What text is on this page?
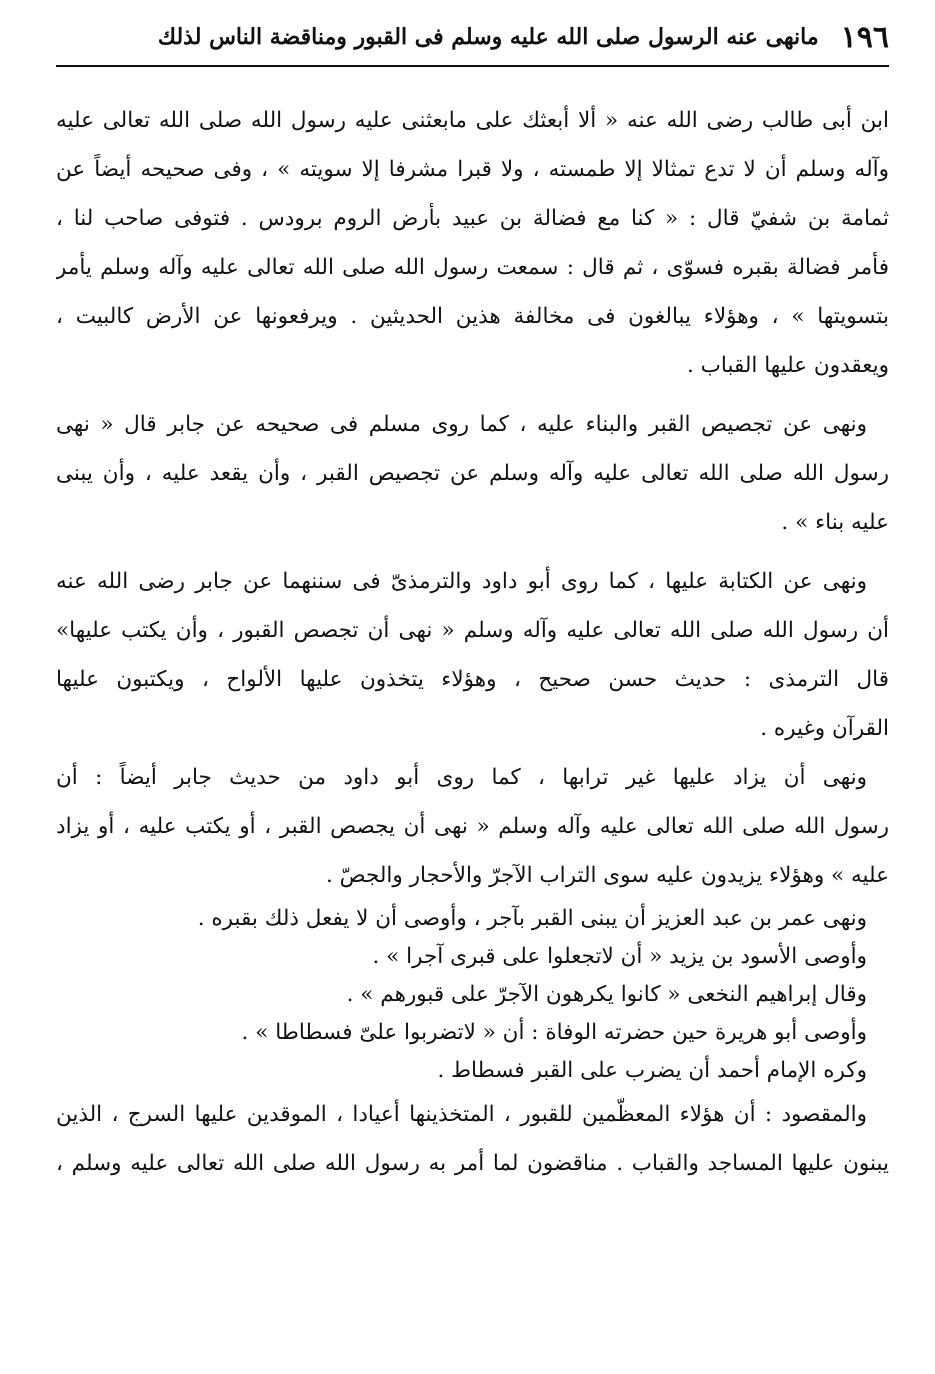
١٩٦
مانهى عنه الرسول صلى الله عليه وسلم فى القبور ومناقضة الناس لذلك
ابن أبى طالب رضى الله عنه « ألا أبعثك على مابعثنى عليه رسول الله صلى الله تعالى عليه
وآله وسلم أن لا تدع تمثالا إلا طمسته ، ولا قبرا مشرفا إلا سويته » ، وفى صحيحه أيضاً عن
ثمامة بن شفيّ قال : « كنا مع فضالة بن عبيد بأرض الروم برودس . فتوفى صاحب لنا ،
فأمر فضالة بقبره فسوّى ، ثم قال : سمعت رسول الله صلى الله تعالى عليه وآله وسلم يأمر
بتسويتها » ، وهؤلاء يبالغون فى مخالفة هذين الحديثين . ويرفعونها عن الأرض كالبيت ،
ويعقدون عليها القباب .
ونهى عن تجصيص القبر والبناء عليه ، كما روى مسلم فى صحيحه عن جابر قال « نهى
رسول الله صلى الله تعالى عليه وآله وسلم عن تجصيص القبر ، وأن يقعد عليه ، وأن يبنى
عليه بناء » .
ونهى عن الكتابة عليها ، كما روى أبو داود والترمذىّ فى سننهما عن جابر رضى الله عنه
أن رسول الله صلى الله تعالى عليه وآله وسلم « نهى أن تجصص القبور ، وأن يكتب عليها»
قال الترمذى : حديث حسن صحيح ، وهؤلاء يتخذون عليها الألواح ، ويكتبون عليها
القرآن وغيره .
ونهى أن يزاد عليها غير ترابها ، كما روى أبو داود من حديث جابر أيضاً : أن
رسول الله صلى الله تعالى عليه وآله وسلم « نهى أن يجصص القبر ، أو يكتب عليه ، أو يزاد
عليه » وهؤلاء يزيدون عليه سوى التراب الآجرّ والأحجار والجصّ .
ونهى عمر بن عبد العزيز أن يبنى القبر بآجر ، وأوصى أن لا يفعل ذلك بقبره .
وأوصى الأسود بن يزيد « أن لاتجعلوا على قبرى آجرا » .
وقال إبراهيم النخعى « كانوا يكرهون الآجرّ على قبورهم » .
وأوصى أبو هريرة حين حضرته الوفاة : أن « لاتضربوا علىّ فسطاطا » .
وكره الإمام أحمد أن يضرب على القبر فسطاط .
والمقصود : أن هؤلاء المعظّمين للقبور ، المتخذينها أعيادا ، الموقدين عليها السرج ، الذين
يبنون عليها المساجد والقباب . مناقضون لما أمر به رسول الله صلى الله تعالى عليه وسلم ،
